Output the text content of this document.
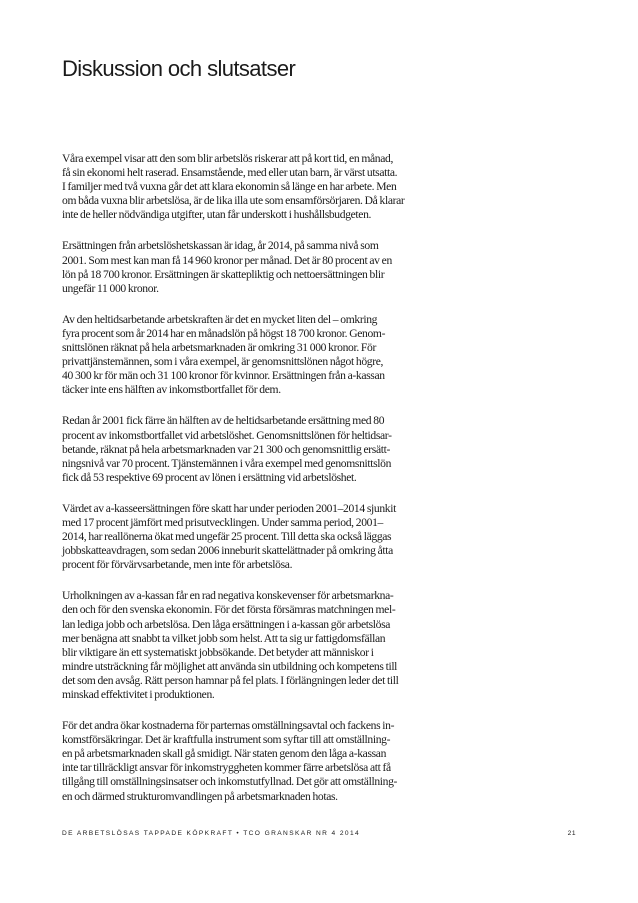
Diskussion och slutsatser
Våra exempel visar att den som blir arbetslös riskerar att på kort tid, en månad,
få sin ekonomi helt raserad. Ensamstående, med eller utan barn, är värst utsatta.
I familjer med två vuxna går det att klara ekonomin så länge en har arbete. Men
om båda vuxna blir arbetslösa, är de lika illa ute som ensamförsörjaren. Då klarar
inte de heller nödvändiga utgifter, utan får underskott i hushållsbudgeten.
Ersättningen från arbetslöshetskassan är idag, år 2014, på samma nivå som
2001. Som mest kan man få 14 960 kronor per månad. Det är 80 procent av en
lön på 18 700 kronor. Ersättningen är skattepliktig och nettoersättningen blir
ungefär 11 000 kronor.
Av den heltidsarbetande arbetskraften är det en mycket liten del – omkring
fyra procent som år 2014 har en månadslön på högst 18 700 kronor. Genom-
snittslönen räknat på hela arbetsmarknaden är omkring 31 000 kronor. För
privattjänstemännen, som i våra exempel, är genomsnittslönen något högre,
40 300 kr för män och 31 100 kronor för kvinnor. Ersättningen från a-kassan
täcker inte ens hälften av inkomstbortfallet för dem.
Redan år 2001 fick färre än hälften av de heltidsarbetande ersättning med 80
procent av inkomstbortfallet vid arbetslöshet. Genomsnittslönen för heltidsar-
betande, räknat på hela arbetsmarknaden var 21 300 och genomsnittlig ersätt-
ningsnivå var 70 procent. Tjänstemännen i våra exempel med genomsnittslön
fick då 53 respektive 69 procent av lönen i ersättning vid arbetslöshet.
Värdet av a-kasseersättningen före skatt har under perioden 2001–2014 sjunkit
med 17 procent jämfört med prisutvecklingen. Under samma period, 2001–
2014, har reallönerna ökat med ungefär 25 procent. Till detta ska också läggas
jobbskatteavdragen, som sedan 2006 inneburit skattelättnader på omkring åtta
procent för förvärvsarbetande, men inte för arbetslösa.
Urholkningen av a-kassan får en rad negativa konskevenser för arbetsmarkna-
den och för den svenska ekonomin. För det första försämras matchningen mel-
lan lediga jobb och arbetslösa. Den låga ersättningen i a-kassan gör arbetslösa
mer benägna att snabbt ta vilket jobb som helst. Att ta sig ur fattigdomsfällan
blir viktigare än ett systematiskt jobbsökande. Det betyder att människor i
mindre utsträckning får möjlighet att använda sin utbildning och kompetens till
det som den avsåg. Rätt person hamnar på fel plats. I förlängningen leder det till
minskad effektivitet i produktionen.
För det andra ökar kostnaderna för parternas omställningsavtal och fackens in-
komstförsäkringar. Det är kraftfulla instrument som syftar till att omställning-
en på arbetsmarknaden skall gå smidigt. När staten genom den låga a-kassan
inte tar tillräckligt ansvar för inkomstryggheten kommer färre arbetslösa att få
tillgång till omställningsinsatser och inkomstutfyllnad. Det gör att omställning-
en och därmed strukturomvandlingen på arbetsmarknaden hotas.
DE ARBETSLÖSAS TAPPADE KÖPKRAFT • TCO GRANSKAR NR 4 2014	21
